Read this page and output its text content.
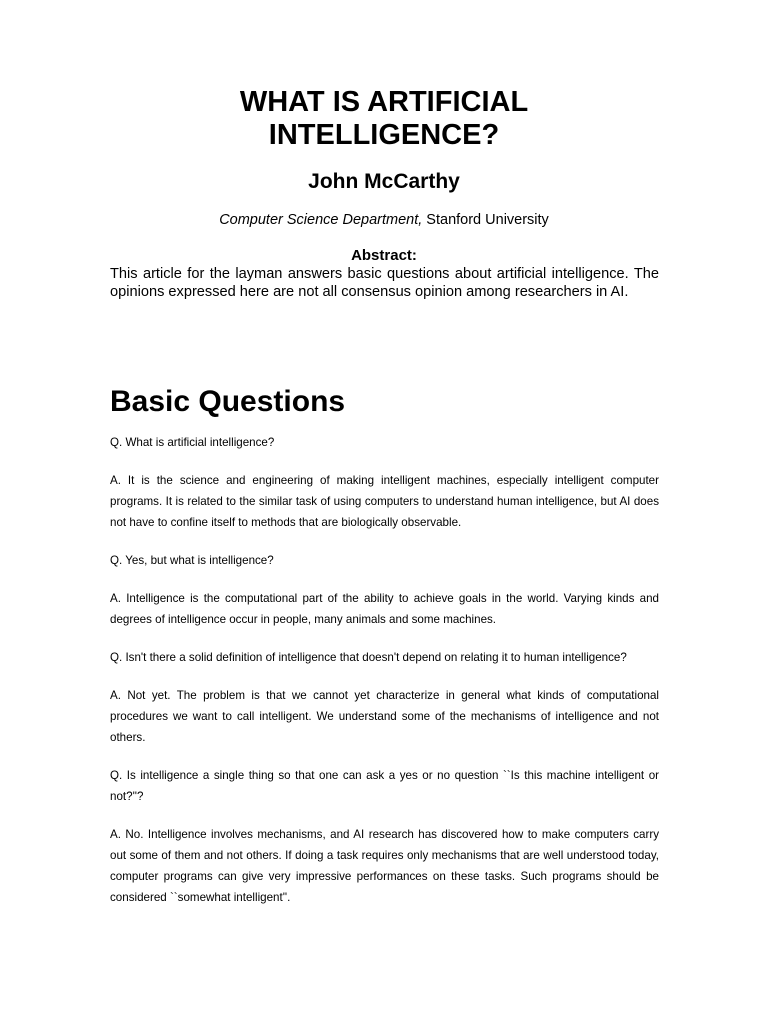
WHAT IS ARTIFICIAL
INTELLIGENCE?
John McCarthy
Computer Science Department, Stanford University
Abstract:
This article for the layman answers basic questions about artificial intelligence. The opinions expressed here are not all consensus opinion among researchers in AI.
Basic Questions

Q. What is artificial intelligence?

A. It is the science and engineering of making intelligent machines, especially intelligent computer programs. It is related to the similar task of using computers to understand human intelligence, but AI does not have to confine itself to methods that are biologically observable.

Q. Yes, but what is intelligence?

A. Intelligence is the computational part of the ability to achieve goals in the world. Varying kinds and degrees of intelligence occur in people, many animals and some machines.

Q. Isn't there a solid definition of intelligence that doesn't depend on relating it to human intelligence?

A. Not yet. The problem is that we cannot yet characterize in general what kinds of computational procedures we want to call intelligent. We understand some of the mechanisms of intelligence and not others.

Q. Is intelligence a single thing so that one can ask a yes or no question ``Is this machine intelligent or not?''?

A. No. Intelligence involves mechanisms, and AI research has discovered how to make computers carry out some of them and not others. If doing a task requires only mechanisms that are well understood today, computer programs can give very impressive performances on these tasks. Such programs should be considered ``somewhat intelligent''.
